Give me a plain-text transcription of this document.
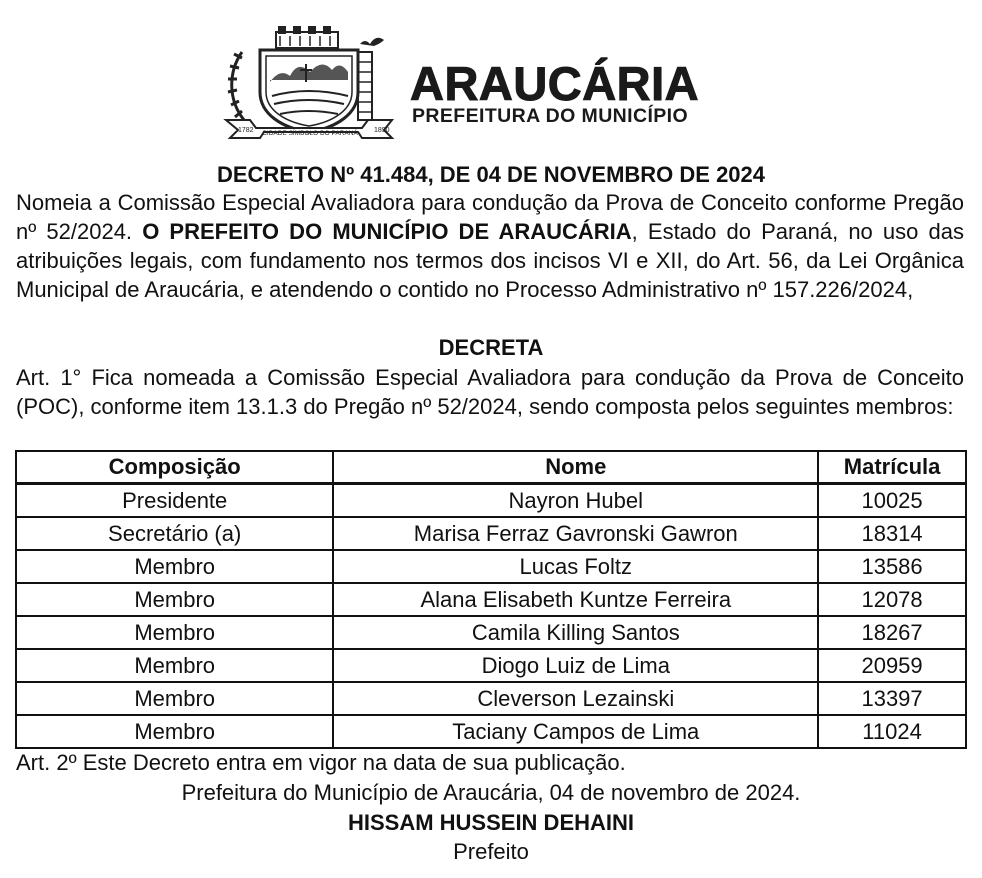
1782 CIDADE SÍMBOLO DO PARANÁ 1890
ARAUCÁRIA
PREFEITURA DO MUNICÍPIO
DECRETO Nº 41.484, DE 04 DE NOVEMBRO DE 2024
Nomeia a Comissão Especial Avaliadora para condução da Prova de Conceito conforme Pregão nº 52/2024. O PREFEITO DO MUNICÍPIO DE ARAUCÁRIA, Estado do Paraná, no uso das atribuições legais, com fundamento nos termos dos incisos VI e XII, do Art. 56, da Lei Orgânica Municipal de Araucária, e atendendo o contido no Processo Administrativo nº 157.226/2024,
DECRETA
Art. 1° Fica nomeada a Comissão Especial Avaliadora para condução da Prova de Conceito (POC), conforme item 13.1.3 do Pregão nº 52/2024, sendo composta pelos seguintes membros:
Composição	Nome	Matrícula
Presidente	Nayron Hubel	10025
Secretário (a)	Marisa Ferraz Gavronski Gawron	18314
Membro	Lucas Foltz	13586
Membro	Alana Elisabeth Kuntze Ferreira	12078
Membro	Camila Killing Santos	18267
Membro	Diogo Luiz de Lima	20959
Membro	Cleverson Lezainski	13397
Membro	Taciany Campos de Lima	11024
Art. 2º Este Decreto entra em vigor na data de sua publicação.
Prefeitura do Município de Araucária, 04 de novembro de 2024.
HISSAM HUSSEIN DEHAINI
Prefeito
